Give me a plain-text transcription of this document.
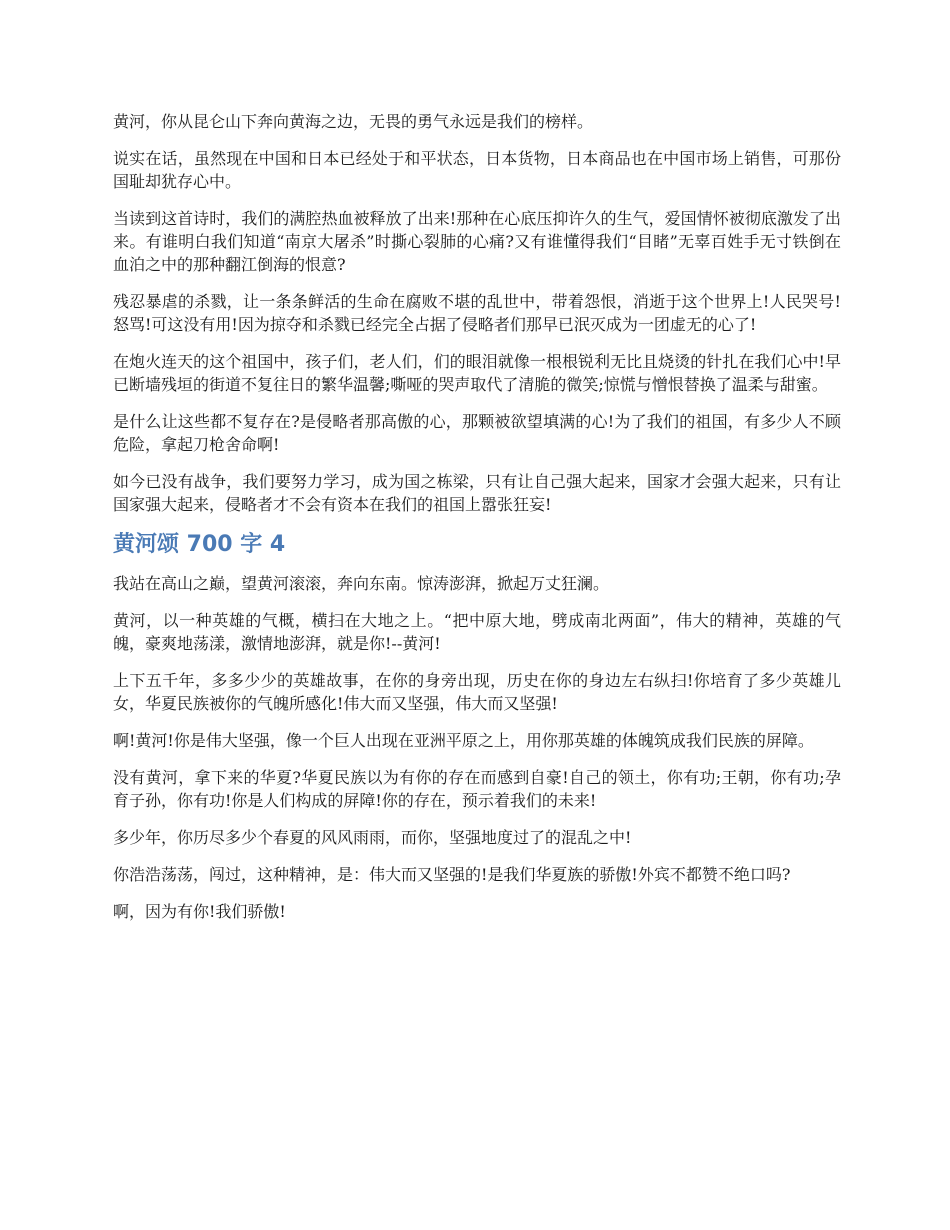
黄河，你从昆仑山下奔向黄海之边，无畏的勇气永远是我们的榜样。

说实在话，虽然现在中国和日本已经处于和平状态，日本货物，日本商品也在中国市场上销售，可那份国耻却犹存心中。

当读到这首诗时，我们的满腔热血被释放了出来!那种在心底压抑许久的生气，爱国情怀被彻底激发了出来。有谁明白我们知道“南京大屠杀”时撕心裂肺的心痛?又有谁懂得我们“目睹”无辜百姓手无寸铁倒在血泊之中的那种翻江倒海的恨意?

残忍暴虐的杀戮，让一条条鲜活的生命在腐败不堪的乱世中，带着怨恨，消逝于这个世界上!人民哭号!怒骂!可这没有用!因为掠夺和杀戮已经完全占据了侵略者们那早已泯灭成为一团虚无的心了!

在炮火连天的这个祖国中，孩子们，老人们，们的眼泪就像一根根锐利无比且烧烫的针扎在我们心中!早已断墙残垣的街道不复往日的繁华温馨;嘶哑的哭声取代了清脆的微笑;惊慌与憎恨替换了温柔与甜蜜。

是什么让这些都不复存在?是侵略者那高傲的心，那颗被欲望填满的心!为了我们的祖国，有多少人不顾危险，拿起刀枪舍命啊!

如今已没有战争，我们要努力学习，成为国之栋梁，只有让自己强大起来，国家才会强大起来，只有让国家强大起来，侵略者才不会有资本在我们的祖国上嚣张狂妄!

黄河颂 700 字 4

我站在高山之巅，望黄河滚滚，奔向东南。惊涛澎湃，掀起万丈狂澜。

黄河，以一种英雄的气概，横扫在大地之上。“把中原大地，劈成南北两面”，伟大的精神，英雄的气魄，豪爽地荡漾，激情地澎湃，就是你!--黄河!

上下五千年，多多少少的英雄故事，在你的身旁出现，历史在你的身边左右纵扫!你培育了多少英雄儿女，华夏民族被你的气魄所感化!伟大而又坚强，伟大而又坚强!

啊!黄河!你是伟大坚强，像一个巨人出现在亚洲平原之上，用你那英雄的体魄筑成我们民族的屏障。

没有黄河，拿下来的华夏?华夏民族以为有你的存在而感到自豪!自己的领土，你有功;王朝，你有功;孕育子孙，你有功!你是人们构成的屏障!你的存在，预示着我们的未来!

多少年，你历尽多少个春夏的风风雨雨，而你，坚强地度过了的混乱之中!

你浩浩荡荡，闯过，这种精神，是：伟大而又坚强的!是我们华夏族的骄傲!外宾不都赞不绝口吗?

啊，因为有你!我们骄傲!
